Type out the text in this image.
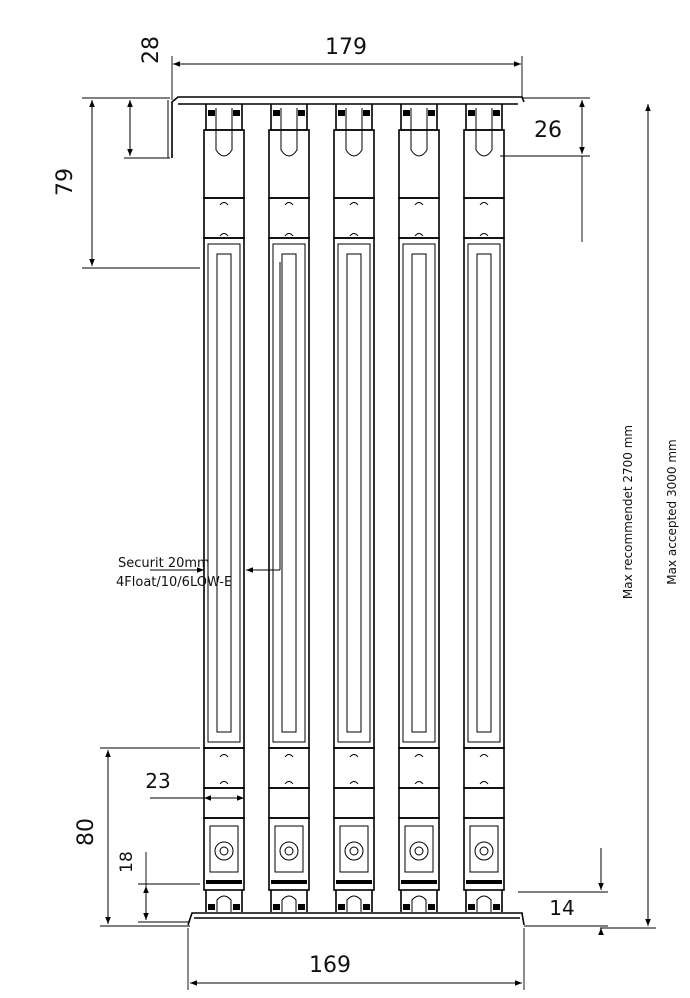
179
28
79
26
Max recommendet 2700 mm	Max accepted 3000 mm
Securit 20mm
4Float/10/6LOW-E
80
23
18
14
169
